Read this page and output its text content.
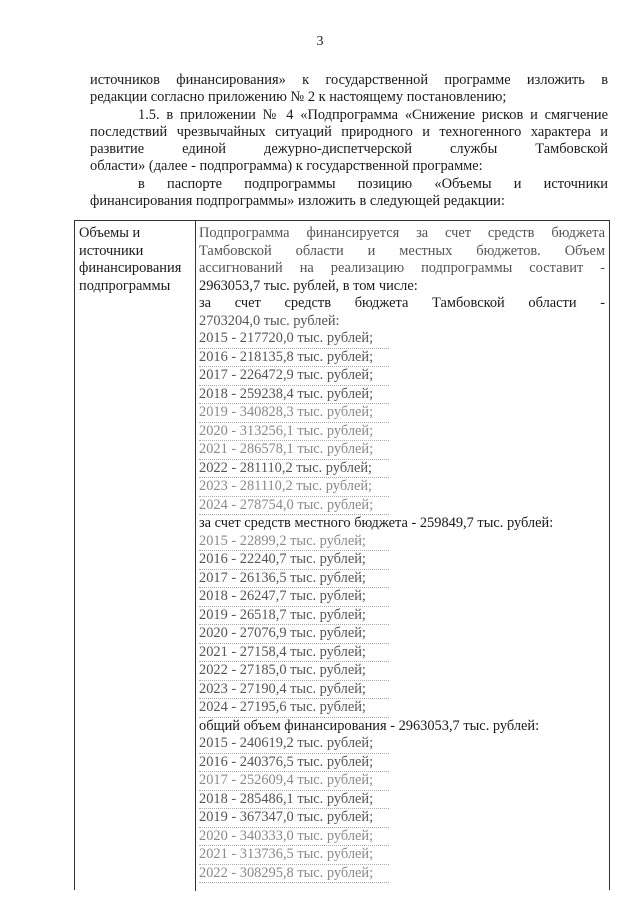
3

источников финансирования» к государственной программе изложить в

редакции согласно приложению № 2 к настоящему постановлению;

1.5. в приложении № 4 «Подпрограмма «Снижение рисков и смягчение

последствий чрезвычайных ситуаций природного и техногенного характера и

развитие единой дежурно-диспетчерской службы Тамбовской

области» (далее - подпрограмма) к государственной программе:

в паспорте подпрограммы позицию «Объемы и источники

финансирования подпрограммы» изложить в следующей редакции:

Объемы и
источники
финансирования
подпрограммы
Подпрограмма финансируется за счет средств бюджета
Тамбовской области и местных бюджетов. Объем
ассигнований на реализацию подпрограммы составит -
2963053,7 тыс. рублей, в том числе:
за счет средств бюджета Тамбовской области -
2703204,0 тыс. рублей:
2015 - 217720,0 тыс. рублей;
2016 - 218135,8 тыс. рублей;
2017 - 226472,9 тыс. рублей;
2018 - 259238,4 тыс. рублей;
2019 - 340828,3 тыс. рублей;
2020 - 313256,1 тыс. рублей;
2021 - 286578,1 тыс. рублей;
2022 - 281110,2 тыс. рублей;
2023 - 281110,2 тыс. рублей;
2024 - 278754,0 тыс. рублей;
за счет средств местного бюджета - 259849,7 тыс. рублей:
2015 - 22899,2 тыс. рублей;
2016 - 22240,7 тыс. рублей;
2017 - 26136,5 тыс. рублей;
2018 - 26247,7 тыс. рублей;
2019 - 26518,7 тыс. рублей;
2020 - 27076,9 тыс. рублей;
2021 - 27158,4 тыс. рублей;
2022 - 27185,0 тыс. рублей;
2023 - 27190,4 тыс. рублей;
2024 - 27195,6 тыс. рублей;
общий объем финансирования - 2963053,7 тыс. рублей:
2015 - 240619,2 тыс. рублей;
2016 - 240376,5 тыс. рублей;
2017 - 252609,4 тыс. рублей;
2018 - 285486,1 тыс. рублей;
2019 - 367347,0 тыс. рублей;
2020 - 340333,0 тыс. рублей;
2021 - 313736,5 тыс. рублей;
2022 - 308295,8 тыс. рублей;
